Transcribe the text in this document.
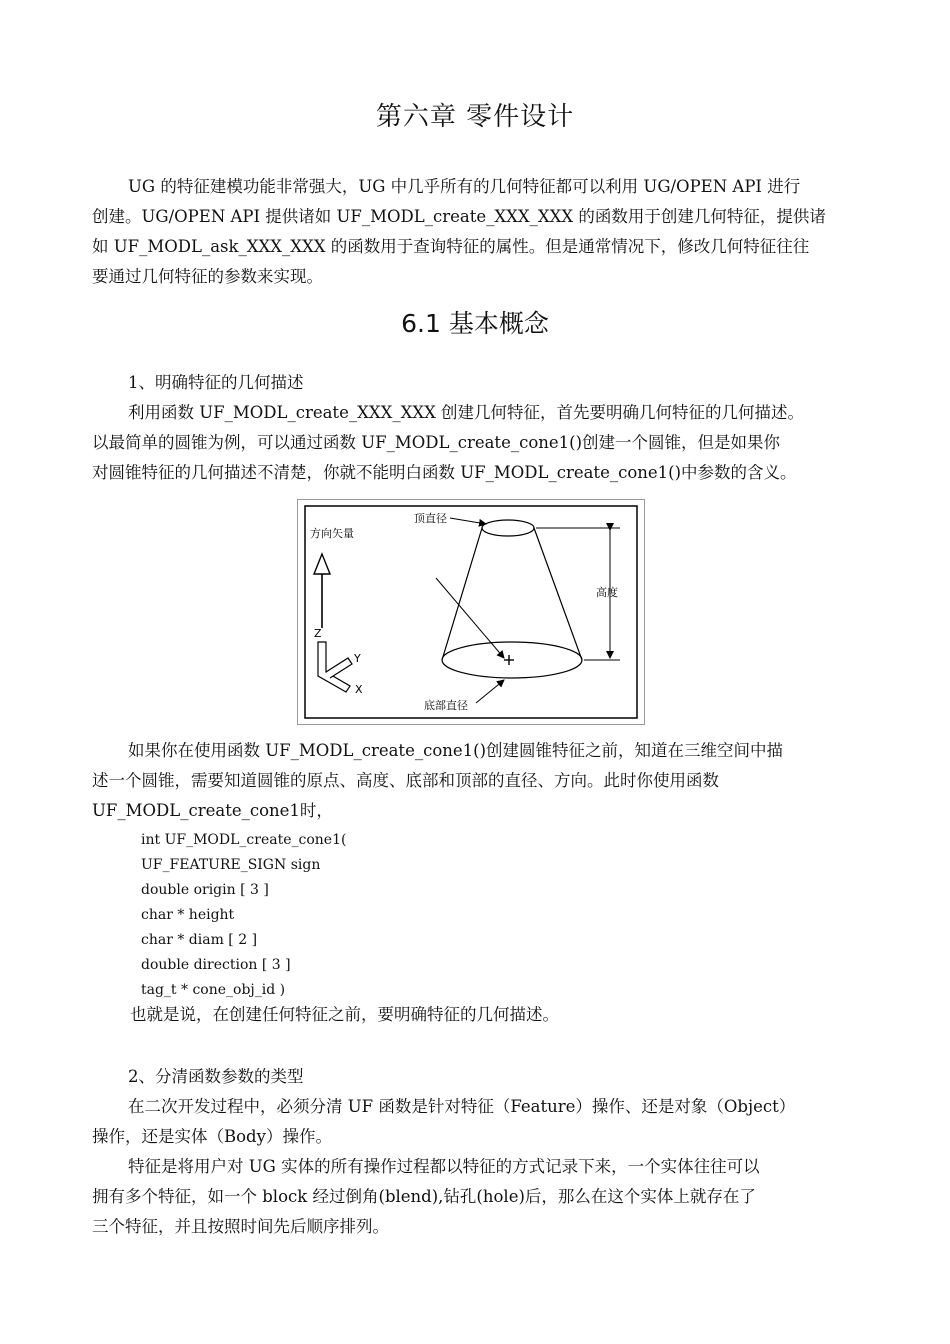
第六章 零件设计
UG 的特征建模功能非常强大，UG 中几乎所有的几何特征都可以利用 UG/OPEN API 进行
创建。UG/OPEN API 提供诸如 UF_MODL_create_XXX_XXX 的函数用于创建几何特征，提供诸
如 UF_MODL_ask_XXX_XXX 的函数用于查询特征的属性。但是通常情况下，修改几何特征往往
要通过几何特征的参数来实现。
6.1 基本概念
1、明确特征的几何描述
利用函数 UF_MODL_create_XXX_XXX 创建几何特征，首先要明确几何特征的几何描述。
以最简单的圆锥为例，可以通过函数 UF_MODL_create_cone1()创建一个圆锥，但是如果你
对圆锥特征的几何描述不清楚，你就不能明白函数 UF_MODL_create_cone1()中参数的含义。
高度
顶直径
底部直径
方向矢量
Z
Y
X
如果你在使用函数 UF_MODL_create_cone1()创建圆锥特征之前，知道在三维空间中描
述一个圆锥，需要知道圆锥的原点、高度、底部和顶部的直径、方向。此时你使用函数
UF_MODL_create_cone1时，
int UF_MODL_create_cone1(
UF_FEATURE_SIGN sign
double origin [ 3 ]
char * height
char * diam [ 2 ]
double direction [ 3 ]
tag_t * cone_obj_id )
也就是说，在创建任何特征之前，要明确特征的几何描述。
2、分清函数参数的类型
在二次开发过程中，必须分清 UF 函数是针对特征（Feature）操作、还是对象（Object）
操作，还是实体（Body）操作。
特征是将用户对 UG 实体的所有操作过程都以特征的方式记录下来，一个实体往往可以
拥有多个特征，如一个 block 经过倒角(blend),钻孔(hole)后，那么在这个实体上就存在了
三个特征，并且按照时间先后顺序排列。
